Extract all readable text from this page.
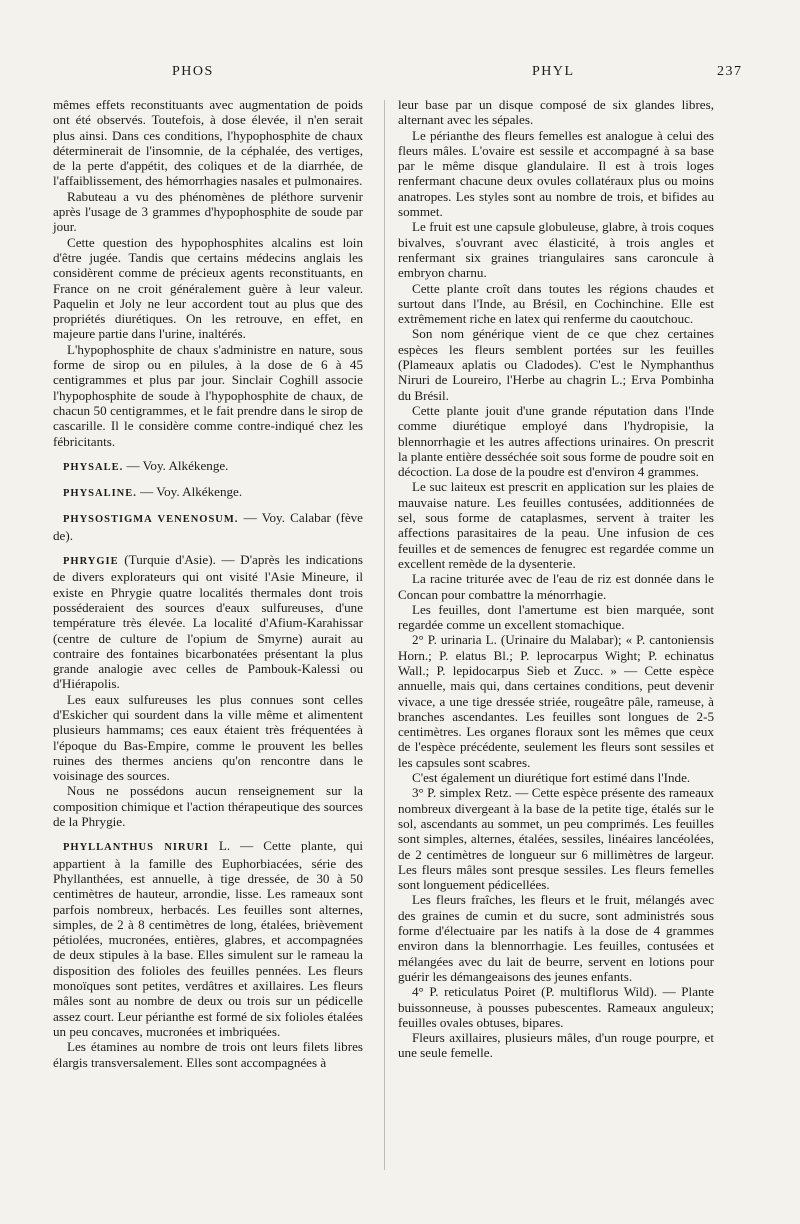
PHOS	PHYL	237

mêmes effets reconstituants avec augmentation de poids ont été observés. Toutefois, à dose élevée, il n'en serait plus ainsi. Dans ces conditions, l'hypophosphite de chaux déterminerait de l'insomnie, de la céphalée, des vertiges, de la perte d'appétit, des coliques et de la diarrhée, de l'affaiblissement, des hémorrhagies nasales et pulmonaires.

Rabuteau a vu des phénomènes de pléthore survenir après l'usage de 3 grammes d'hypophosphite de soude par jour.

Cette question des hypophosphites alcalins est loin d'être jugée. Tandis que certains médecins anglais les considèrent comme de précieux agents reconstituants, en France on ne croit généralement guère à leur valeur. Paquelin et Joly ne leur accordent tout au plus que des propriétés diurétiques. On les retrouve, en effet, en majeure partie dans l'urine, inaltérés.

L'hypophosphite de chaux s'administre en nature, sous forme de sirop ou en pilules, à la dose de 6 à 45 centigrammes et plus par jour. Sinclair Coghill associe l'hypophosphite de soude à l'hypophosphite de chaux, de chacun 50 centigrammes, et le fait prendre dans le sirop de cascarille. Il le considère comme contre-indiqué chez les fébricitants.

PHYSALE. — Voy. Alkékenge.

PHYSALINE. — Voy. Alkékenge.

PHYSOSTIGMA VENENOSUM. — Voy. Calabar (fève de).

PHRYGIE (Turquie d'Asie). — D'après les indications de divers explorateurs qui ont visité l'Asie Mineure, il existe en Phrygie quatre localités thermales dont trois posséderaient des sources d'eaux sulfureuses, d'une température très élevée. La localité d'Afium-Karahissar (centre de culture de l'opium de Smyrne) aurait au contraire des fontaines bicarbonatées présentant la plus grande analogie avec celles de Pambouk-Kalessi ou d'Hiérapolis.

Les eaux sulfureuses les plus connues sont celles d'Eskicher qui sourdent dans la ville même et alimentent plusieurs hammams; ces eaux étaient très fréquentées à l'époque du Bas-Empire, comme le prouvent les belles ruines des thermes anciens qu'on rencontre dans le voisinage des sources.

Nous ne possédons aucun renseignement sur la composition chimique et l'action thérapeutique des sources de la Phrygie.

PHYLLANTHUS NIRURI L. — Cette plante, qui appartient à la famille des Euphorbiacées, série des Phyllanthées, est annuelle, à tige dressée, de 30 à 50 centimètres de hauteur, arrondie, lisse. Les rameaux sont parfois nombreux, herbacés. Les feuilles sont alternes, simples, de 2 à 8 centimètres de long, étalées, brièvement pétiolées, mucronées, entières, glabres, et accompagnées de deux stipules à la base. Elles simulent sur le rameau la disposition des folioles des feuilles pennées. Les fleurs monoïques sont petites, verdâtres et axillaires. Les fleurs mâles sont au nombre de deux ou trois sur un pédicelle assez court. Leur périanthe est formé de six folioles étalées un peu concaves, mucronées et imbriquées.

Les étamines au nombre de trois ont leurs filets libres élargis transversalement. Elles sont accompagnées à

leur base par un disque composé de six glandes libres, alternant avec les sépales.

Le périanthe des fleurs femelles est analogue à celui des fleurs mâles. L'ovaire est sessile et accompagné à sa base par le même disque glandulaire. Il est à trois loges renfermant chacune deux ovules collatéraux plus ou moins anatropes. Les styles sont au nombre de trois, et bifides au sommet.

Le fruit est une capsule globuleuse, glabre, à trois coques bivalves, s'ouvrant avec élasticité, à trois angles et renfermant six graines triangulaires sans caroncule à embryon charnu.

Cette plante croît dans toutes les régions chaudes et surtout dans l'Inde, au Brésil, en Cochinchine. Elle est extrêmement riche en latex qui renferme du caoutchouc.

Son nom générique vient de ce que chez certaines espèces les fleurs semblent portées sur les feuilles (Plameaux aplatis ou Cladodes). C'est le Nymphanthus Niruri de Loureiro, l'Herbe au chagrin L.; Erva Pombinha du Brésil.

Cette plante jouit d'une grande réputation dans l'Inde comme diurétique employé dans l'hydropisie, la blennorrhagie et les autres affections urinaires. On prescrit la plante entière desséchée soit sous forme de poudre soit en décoction. La dose de la poudre est d'environ 4 grammes.

Le suc laiteux est prescrit en application sur les plaies de mauvaise nature. Les feuilles contusées, additionnées de sel, sous forme de cataplasmes, servent à traiter les affections parasitaires de la peau. Une infusion de ces feuilles et de semences de fenugrec est regardée comme un excellent remède de la dysenterie.

La racine triturée avec de l'eau de riz est donnée dans le Concan pour combattre la ménorrhagie.

Les feuilles, dont l'amertume est bien marquée, sont regardée comme un excellent stomachique.

2° P. urinaria L. (Urinaire du Malabar); « P. cantoniensis Horn.; P. elatus Bl.; P. leprocarpus Wight; P. echinatus Wall.; P. lepidocarpus Sieb et Zucc. » — Cette espèce annuelle, mais qui, dans certaines conditions, peut devenir vivace, a une tige dressée striée, rougeâtre pâle, rameuse, à branches ascendantes. Les feuilles sont longues de 2-5 centimètres. Les organes floraux sont les mêmes que ceux de l'espèce précédente, seulement les fleurs sont sessiles et les capsules sont scabres.

C'est également un diurétique fort estimé dans l'Inde.

3° P. simplex Retz. — Cette espèce présente des rameaux nombreux divergeant à la base de la petite tige, étalés sur le sol, ascendants au sommet, un peu comprimés. Les feuilles sont simples, alternes, étalées, sessiles, linéaires lancéolées, de 2 centimètres de longueur sur 6 millimètres de largeur. Les fleurs mâles sont presque sessiles. Les fleurs femelles sont longuement pédicellées.

Les fleurs fraîches, les fleurs et le fruit, mélangés avec des graines de cumin et du sucre, sont administrés sous forme d'électuaire par les natifs à la dose de 4 grammes environ dans la blennorrhagie. Les feuilles, contusées et mélangées avec du lait de beurre, servent en lotions pour guérir les démangeaisons des jeunes enfants.

4° P. reticulatus Poiret (P. multiflorus Wild). — Plante buissonneuse, à pousses pubescentes. Rameaux anguleux; feuilles ovales obtuses, bipares.

Fleurs axillaires, plusieurs mâles, d'un rouge pourpre, et une seule femelle.
